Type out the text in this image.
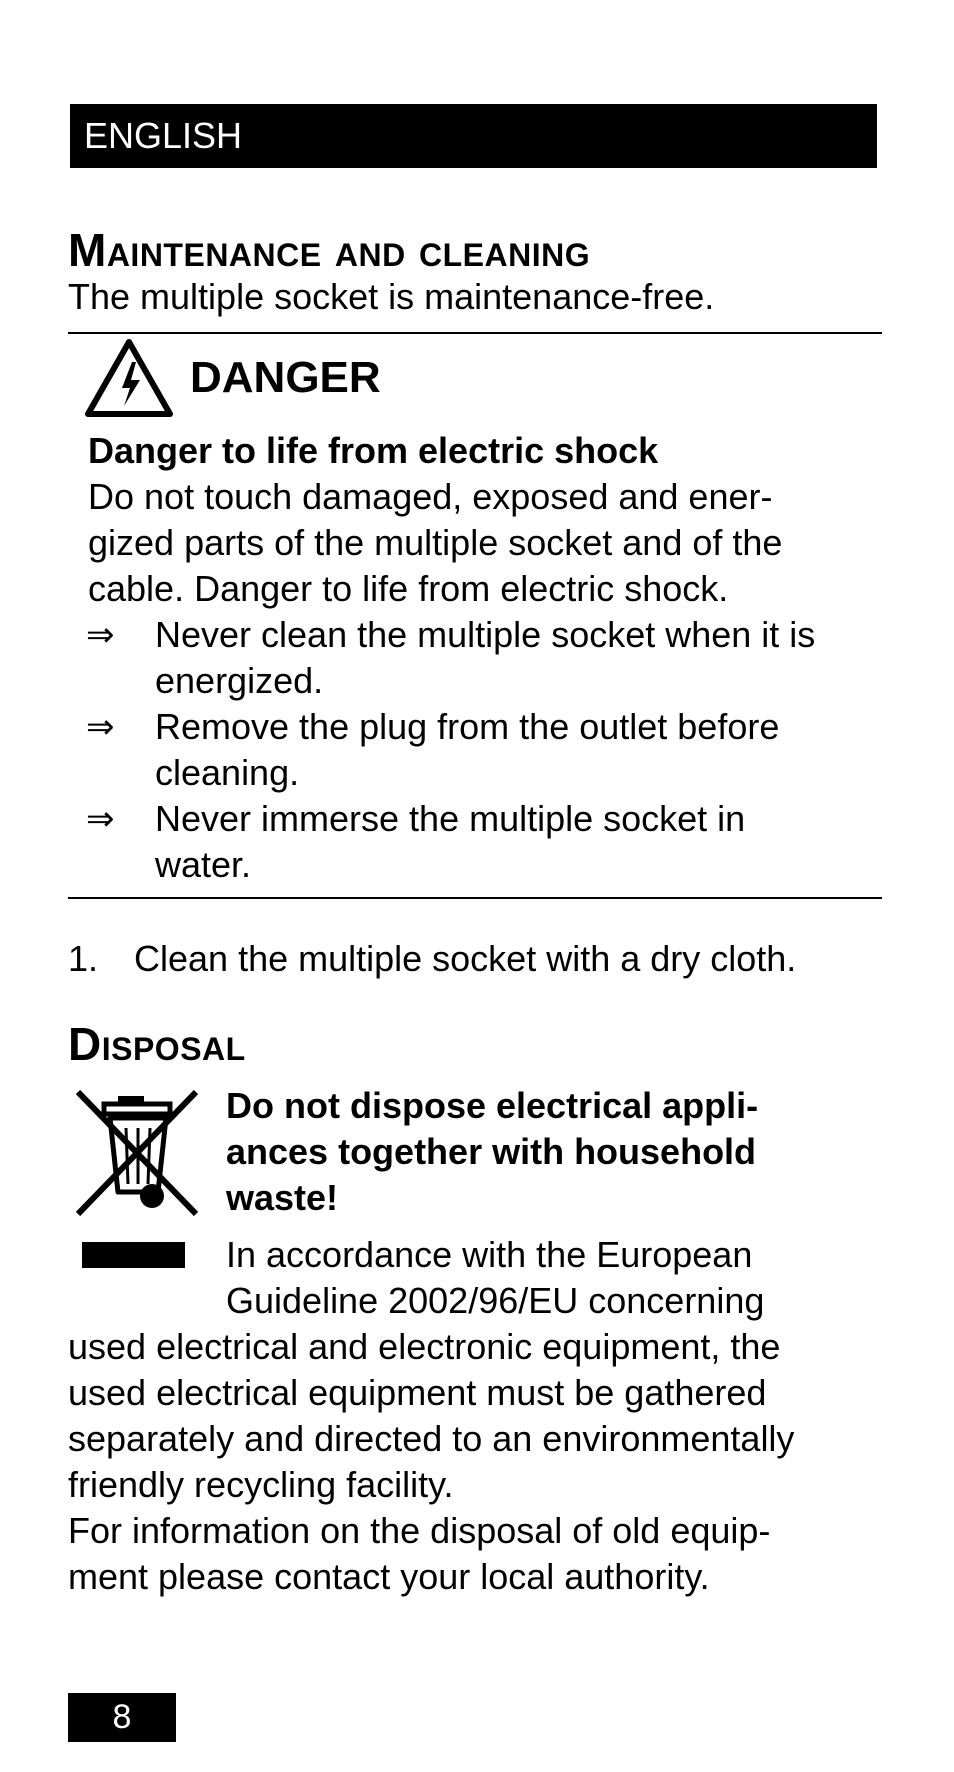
ENGLISH
Maintenance and cleaning
The multiple socket is maintenance-free.
DANGER
Danger to life from electric shock
Do not touch damaged, exposed and ener-
gized parts of the multiple socket and of the
cable. Danger to life from electric shock.
⇒ Never clean the multiple socket when it is
energized.
⇒ Remove the plug from the outlet before
cleaning.
⇒ Never immerse the multiple socket in
water.
1. Clean the multiple socket with a dry cloth.
Disposal
Do not dispose electrical appli-
ances together with household
waste!
In accordance with the European
Guideline 2002/96/EU concerning
used electrical and electronic equipment, the
used electrical equipment must be gathered
separately and directed to an environmentally
friendly recycling facility.
For information on the disposal of old equip-
ment please contact your local authority.
8
